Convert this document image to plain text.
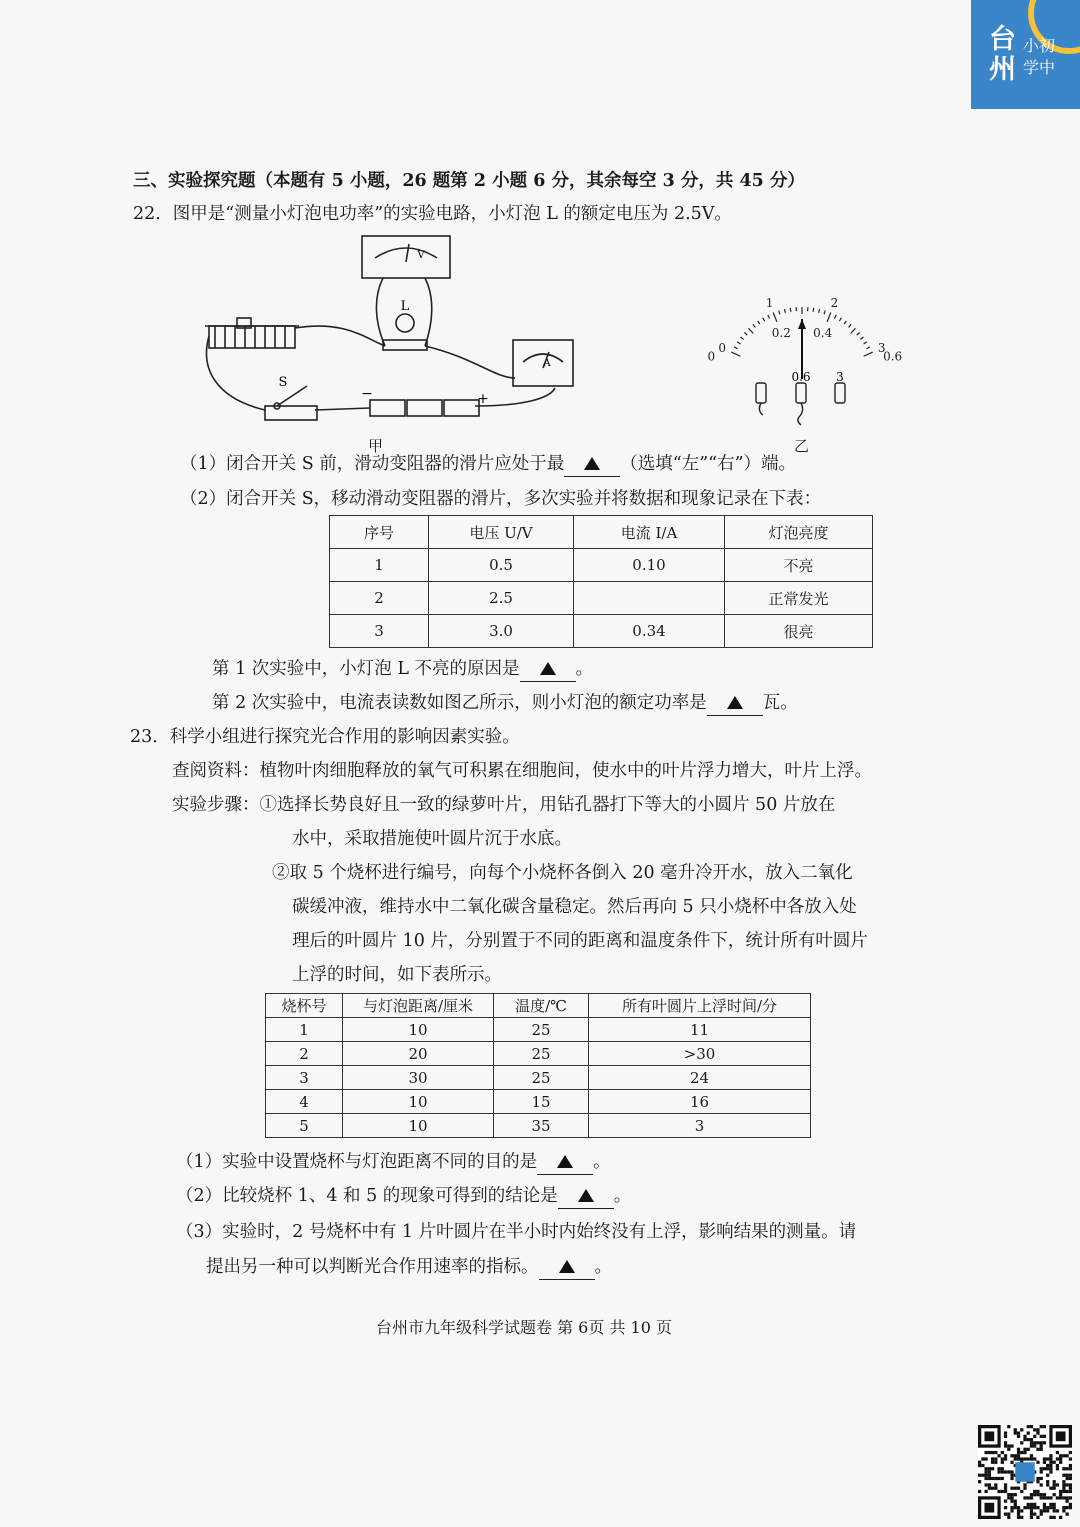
台
州
小初
学中
三、实验探究题（本题有 5 小题，26 题第 2 小题 6 分，其余每空 3 分，共 45 分）
22．图甲是“测量小灯泡电功率”的实验电路，小灯泡 L 的额定电压为 2.5V。
L
S
V
A
−	+
甲
0
1	2
3
0
0.2 0.4
0.6
0.6 3
乙
（1）闭合开关 S 前，滑动变阻器的滑片应处于最	（选填“左”“右”）端。
（2）闭合开关 S，移动滑动变阻器的滑片，多次实验并将数据和现象记录在下表：
序号	电压 U/V	电流 I/A	灯泡亮度
1	0.5	0.10	不亮
2	2.5		正常发光
3	3.0	0.34	很亮
第 1 次实验中，小灯泡 L 不亮的原因是	。
第 2 次实验中，电流表读数如图乙所示，则小灯泡的额定功率是	瓦。
23．科学小组进行探究光合作用的影响因素实验。
查阅资料：植物叶肉细胞释放的氧气可积累在细胞间，使水中的叶片浮力增大，叶片上浮。
实验步骤：①选择长势良好且一致的绿萝叶片，用钻孔器打下等大的小圆片 50 片放在
水中，采取措施使叶圆片沉于水底。
②取 5 个烧杯进行编号，向每个小烧杯各倒入 20 毫升冷开水，放入二氧化
碳缓冲液，维持水中二氧化碳含量稳定。然后再向 5 只小烧杯中各放入处
理后的叶圆片 10 片，分别置于不同的距离和温度条件下，统计所有叶圆片
上浮的时间，如下表所示。
烧杯号	与灯泡距离/厘米	温度/℃	所有叶圆片上浮时间/分
1	10	25	11
2	20	25	>30
3	30	25	24
4	10	15	16
5	10	35	3
（1）实验中设置烧杯与灯泡距离不同的目的是	。
（2）比较烧杯 1、4 和 5 的现象可得到的结论是	。
（3）实验时，2 号烧杯中有 1 片叶圆片在半小时内始终没有上浮，影响结果的测量。请
提出另一种可以判断光合作用速率的指标。	。
台州市九年级科学试题卷 第 6页 共 10 页
